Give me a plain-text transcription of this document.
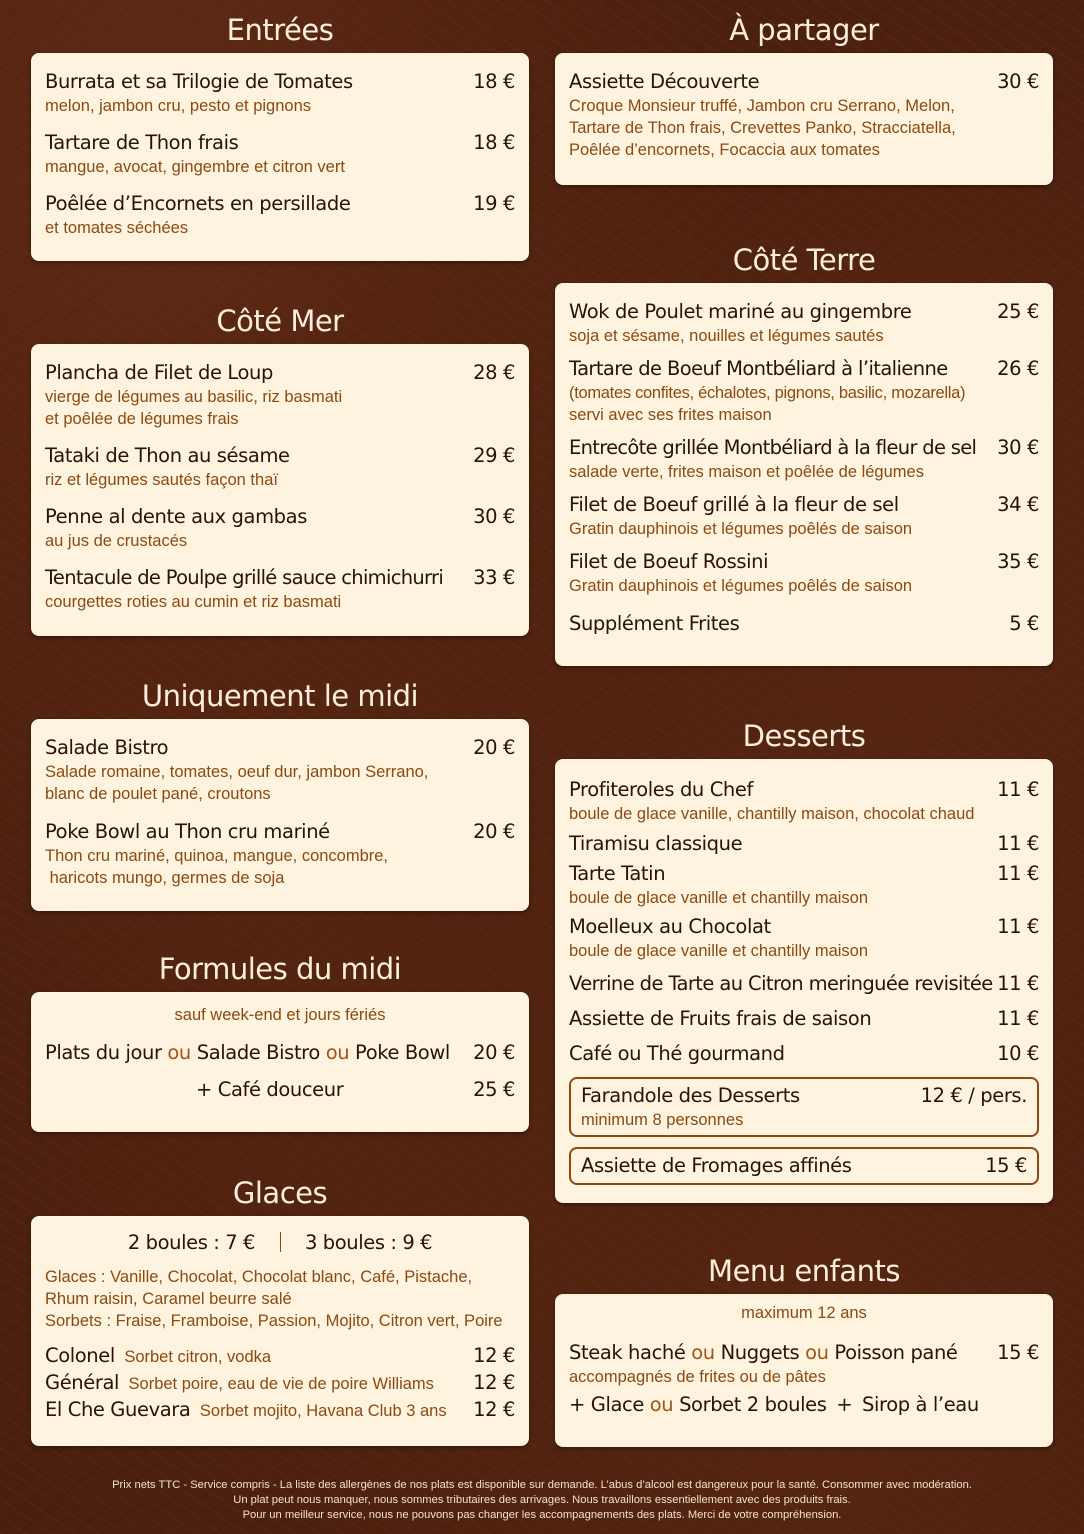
Entrées
Burrata et sa Trilogie de Tomates	18 €
melon, jambon cru, pesto et pignons
Tartare de Thon frais	18 €
mangue, avocat, gingembre et citron vert
Poêlée d’Encornets en persillade	19 €
et tomates séchées
Côté Mer
Plancha de Filet de Loup	28 €
vierge de légumes au basilic, riz basmati
et poêlée de légumes frais
Tataki de Thon au sésame	29 €
riz et légumes sautés façon thaï
Penne al dente aux gambas	30 €
au jus de crustacés
Tentacule de Poulpe grillé sauce chimichurri 33 €
courgettes roties au cumin et riz basmati
Uniquement le midi
Salade Bistro	20 €
Salade romaine, tomates, oeuf dur, jambon Serrano,
blanc de poulet pané, croutons
Poke Bowl au Thon cru mariné	20 €
Thon cru mariné, quinoa, mangue, concombre,
haricots mungo, germes de soja
Formules du midi
sauf week-end et jours fériés
Plats du jour ou Salade Bistro ou Poke Bowl 20 €
+ Café douceur	25 €
Glaces
2 boules : 7 €	3 boules : 9 €
Glaces : Vanille, Chocolat, Chocolat blanc, Café, Pistache,
Rhum raisin, Caramel beurre salé
Sorbets : Fraise, Framboise, Passion, Mojito, Citron vert, Poire
Colonel Sorbet citron, vodka	12 €
Général Sorbet poire, eau de vie de poire Williams 12 €
El Che Guevara Sorbet mojito, Havana Club 3 ans 12 €
À partager
Assiette Découverte	30 €
Croque Monsieur truffé, Jambon cru Serrano, Melon,
Tartare de Thon frais, Crevettes Panko, Stracciatella,
Poêlée d’encornets, Focaccia aux tomates
Côté Terre
Wok de Poulet mariné au gingembre	25 €
soja et sésame, nouilles et légumes sautés
Tartare de Boeuf Montbéliard à l’italienne	26 €
(tomates confites, échalotes, pignons, basilic, mozarella)
servi avec ses frites maison
Entrecôte grillée Montbéliard à la fleur de sel 30 €
salade verte, frites maison et poêlée de légumes
Filet de Boeuf grillé à la fleur de sel	34 €
Gratin dauphinois et légumes poêlés de saison
Filet de Boeuf Rossini	35 €
Gratin dauphinois et légumes poêlés de saison
Supplément Frites	5 €
Desserts
Profiteroles du Chef	11 €
boule de glace vanille, chantilly maison, chocolat chaud
Tiramisu classique	11 €
Tarte Tatin	11 €
boule de glace vanille et chantilly maison
Moelleux au Chocolat	11 €
boule de glace vanille et chantilly maison
Verrine de Tarte au Citron meringuée revisitée 11 €
Assiette de Fruits frais de saison	11 €
Café ou Thé gourmand	10 €
Farandole des Desserts	12 € / pers.
minimum 8 personnes
Assiette de Fromages affinés	15 €
Menu enfants
maximum 12 ans
Steak haché ou Nuggets ou Poisson pané 15 €
accompagnés de frites ou de pâtes
+ Glace ou Sorbet 2 boules + Sirop à l’eau
Prix nets TTC - Service compris - La liste des allergènes de nos plats est disponible sur demande. L’abus d’alcool est dangereux pour la santé. Consommer avec modération.
Un plat peut nous manquer, nous sommes tributaires des arrivages. Nous travaillons essentiellement avec des produits frais.
Pour un meilleur service, nous ne pouvons pas changer les accompagnements des plats. Merci de votre compréhension.
